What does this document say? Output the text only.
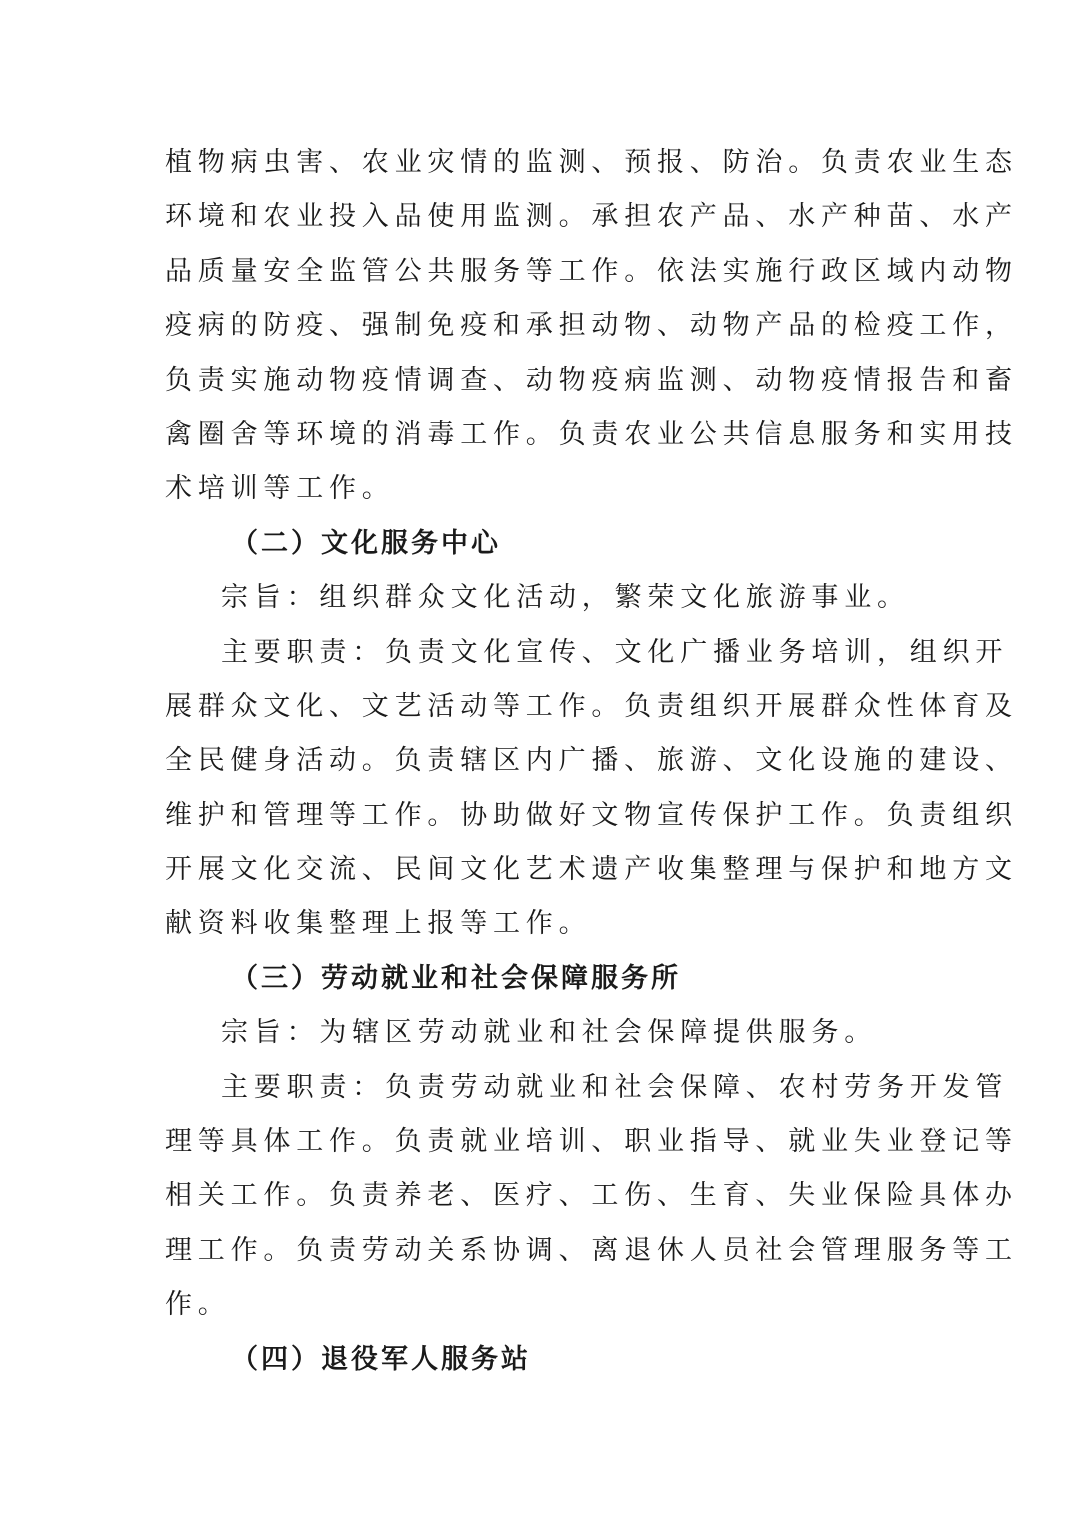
植物病虫害、农业灾情的监测、预报、防治。负责农业生态
环境和农业投入品使用监测。承担农产品、水产种苗、水产
品质量安全监管公共服务等工作。依法实施行政区域内动物
疫病的防疫、强制免疫和承担动物、动物产品的检疫工作，
负责实施动物疫情调查、动物疫病监测、动物疫情报告和畜
禽圈舍等环境的消毒工作。负责农业公共信息服务和实用技
术培训等工作。
（二）文化服务中心
宗旨：组织群众文化活动，繁荣文化旅游事业。
主要职责：负责文化宣传、文化广播业务培训，组织开
展群众文化、文艺活动等工作。负责组织开展群众性体育及
全民健身活动。负责辖区内广播、旅游、文化设施的建设、
维护和管理等工作。协助做好文物宣传保护工作。负责组织
开展文化交流、民间文化艺术遗产收集整理与保护和地方文
献资料收集整理上报等工作。
（三）劳动就业和社会保障服务所
宗旨：为辖区劳动就业和社会保障提供服务。
主要职责：负责劳动就业和社会保障、农村劳务开发管
理等具体工作。负责就业培训、职业指导、就业失业登记等
相关工作。负责养老、医疗、工伤、生育、失业保险具体办
理工作。负责劳动关系协调、离退休人员社会管理服务等工
作。
（四）退役军人服务站
